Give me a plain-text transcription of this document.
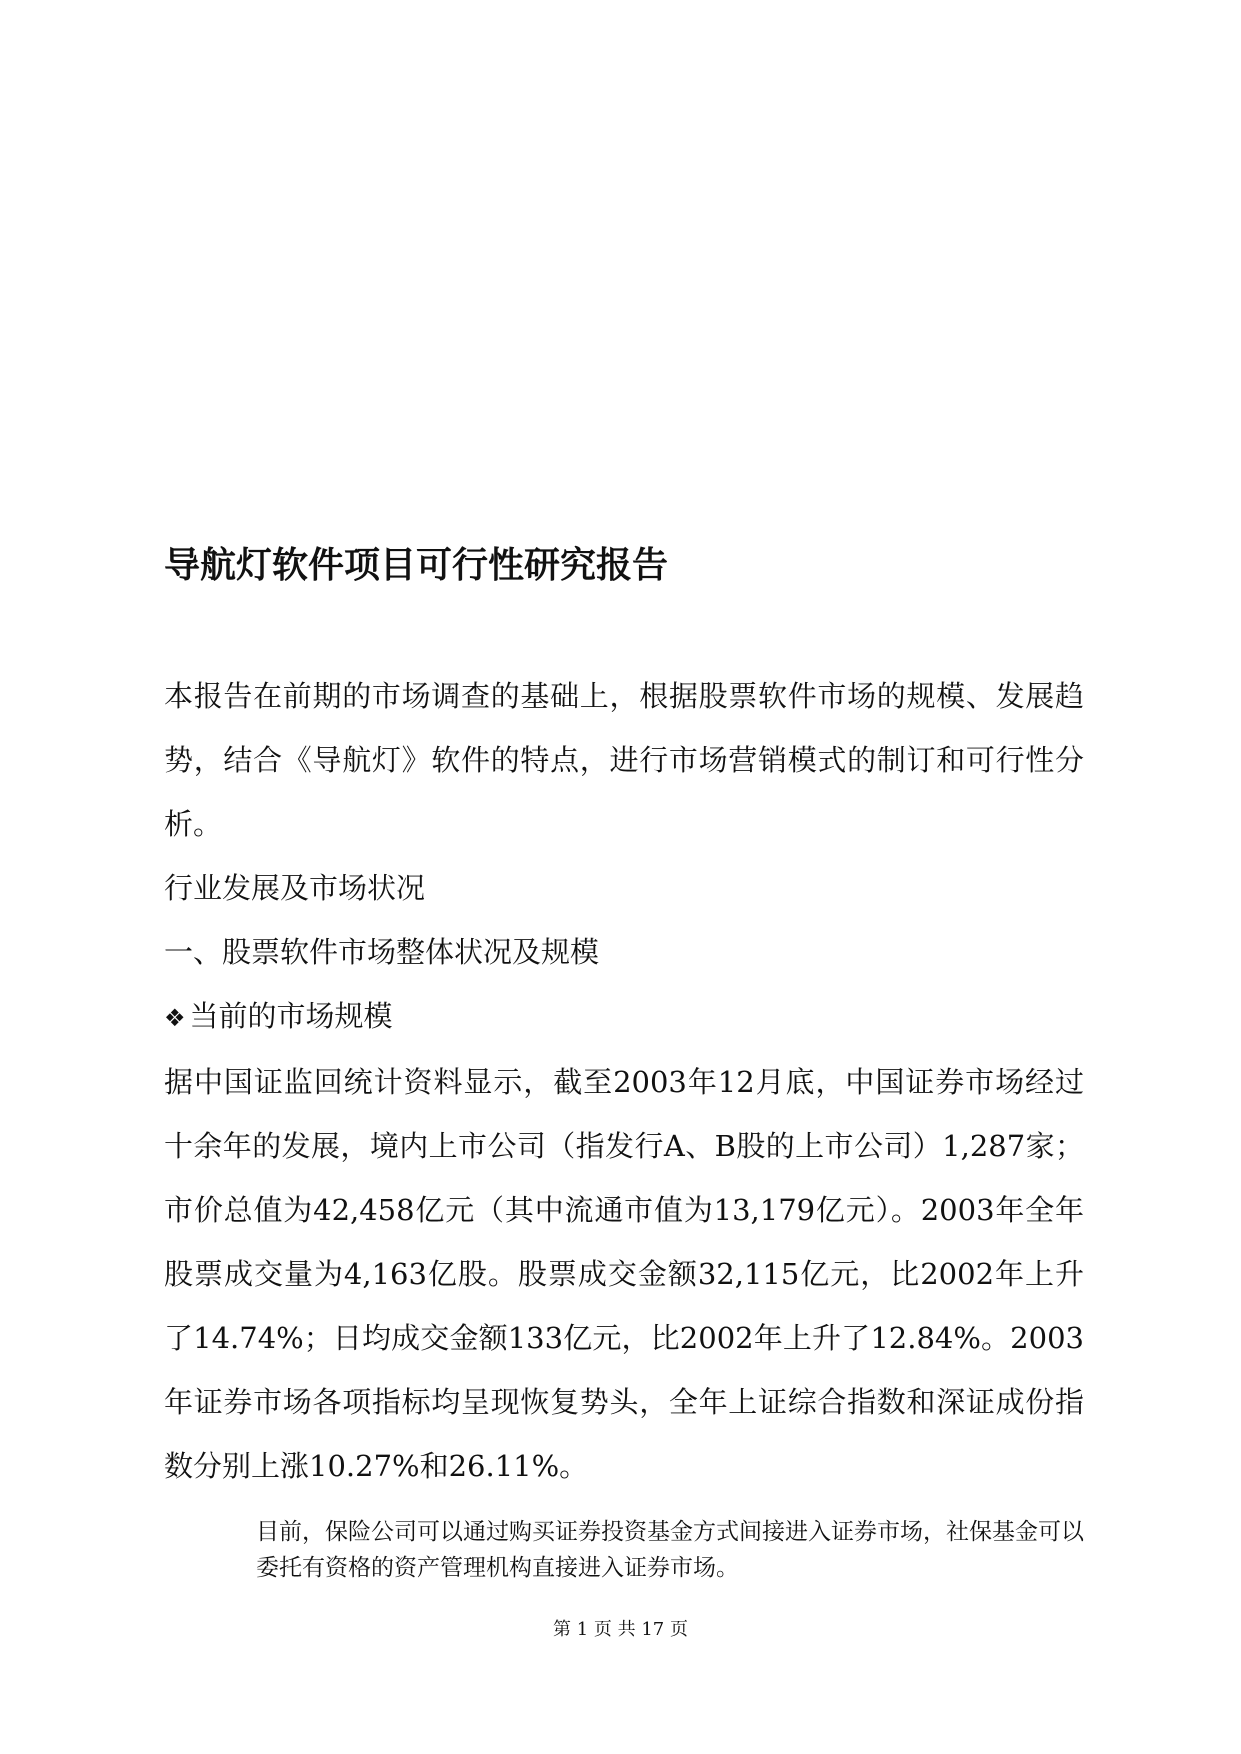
导航灯软件项目可行性研究报告

本报告在前期的市场调查的基础上，根据股票软件市场的规模、发展趋势，结合《导航灯》软件的特点，进行市场营销模式的制订和可行性分析。

行业发展及市场状况

一、股票软件市场整体状况及规模

❖ 当前的市场规模

据中国证监回统计资料显示，截至2003年12月底，中国证券市场经过十余年的发展，境内上市公司（指发行A、B股的上市公司）1,287家；市价总值为42,458亿元（其中流通市值为13,179亿元）。2003年全年股票成交量为4,163亿股。股票成交金额32,115亿元，比2002年上升了14.74%；日均成交金额133亿元，比2002年上升了12.84%。2003年证券市场各项指标均呈现恢复势头，全年上证综合指数和深证成份指数分别上涨10.27%和26.11%。

目前，保险公司可以通过购买证券投资基金方式间接进入证券市场，社保基金可以委托有资格的资产管理机构直接进入证券市场。

第 1 页 共 17 页
